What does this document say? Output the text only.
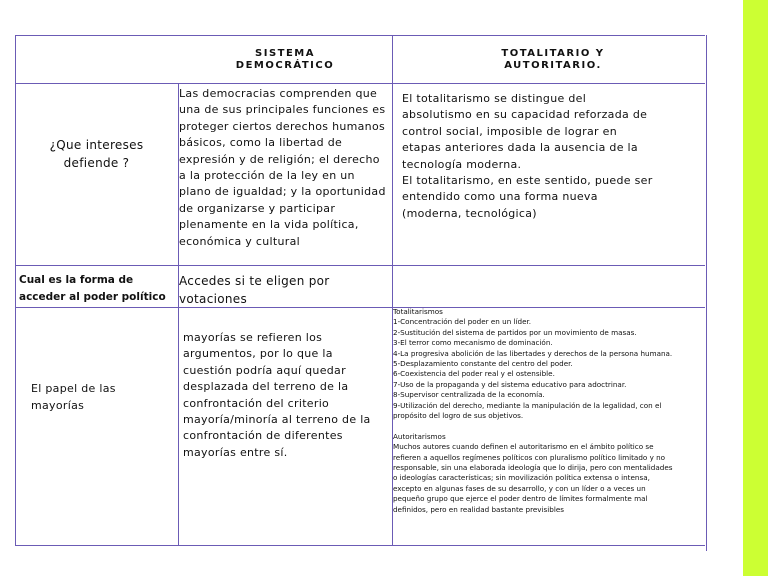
SISTEMA
DEMOCRÁTICO
TOTALITARIO Y
AUTORITARIO.
¿Que intereses
defiende ?
Las democracias comprenden que
una de sus principales funciones es
proteger ciertos derechos humanos
básicos, como la libertad de
expresión y de religión; el derecho
a la protección de la ley en un
plano de igualdad; y la oportunidad
de organizarse y participar
plenamente en la vida política,
económica y cultural
El totalitarismo se distingue del
absolutismo en su capacidad reforzada de
control social, imposible de lograr en
etapas anteriores dada la ausencia de la
tecnología moderna.
El totalitarismo, en este sentido, puede ser
entendido como una forma nueva
(moderna, tecnológica)
Cual es la forma de
acceder al poder político
Accedes si te eligen por
votaciones
El papel de las
mayorías
mayorías se refieren los
argumentos, por lo que la
cuestión podría aquí quedar
desplazada del terreno de la
confrontación del criterio
mayoría/minoría al terreno de la
confrontación de diferentes
mayorías entre sí.
Totalitarismos
1-Concentración del poder en un líder.
2-Sustitución del sistema de partidos por un movimiento de masas.
3-El terror como mecanismo de dominación.
4-La progresiva abolición de las libertades y derechos de la persona humana.
5-Desplazamiento constante del centro del poder.
6-Coexistencia del poder real y el ostensible.
7-Uso de la propaganda y del sistema educativo para adoctrinar.
8-Supervisor centralizada de la economía.
9-Utilización del derecho, mediante la manipulación de la legalidad, con el
propósito del logro de sus objetivos.
Autoritarismos
Muchos autores cuando definen el autoritarismo en el ámbito político se
refieren a aquellos regímenes políticos con pluralismo político limitado y no
responsable, sin una elaborada ideología que lo dirija, pero con mentalidades
o ideologías características; sin movilización política extensa o intensa,
excepto en algunas fases de su desarrollo, y con un líder o a veces un
pequeño grupo que ejerce el poder dentro de límites formalmente mal
definidos, pero en realidad bastante previsibles
